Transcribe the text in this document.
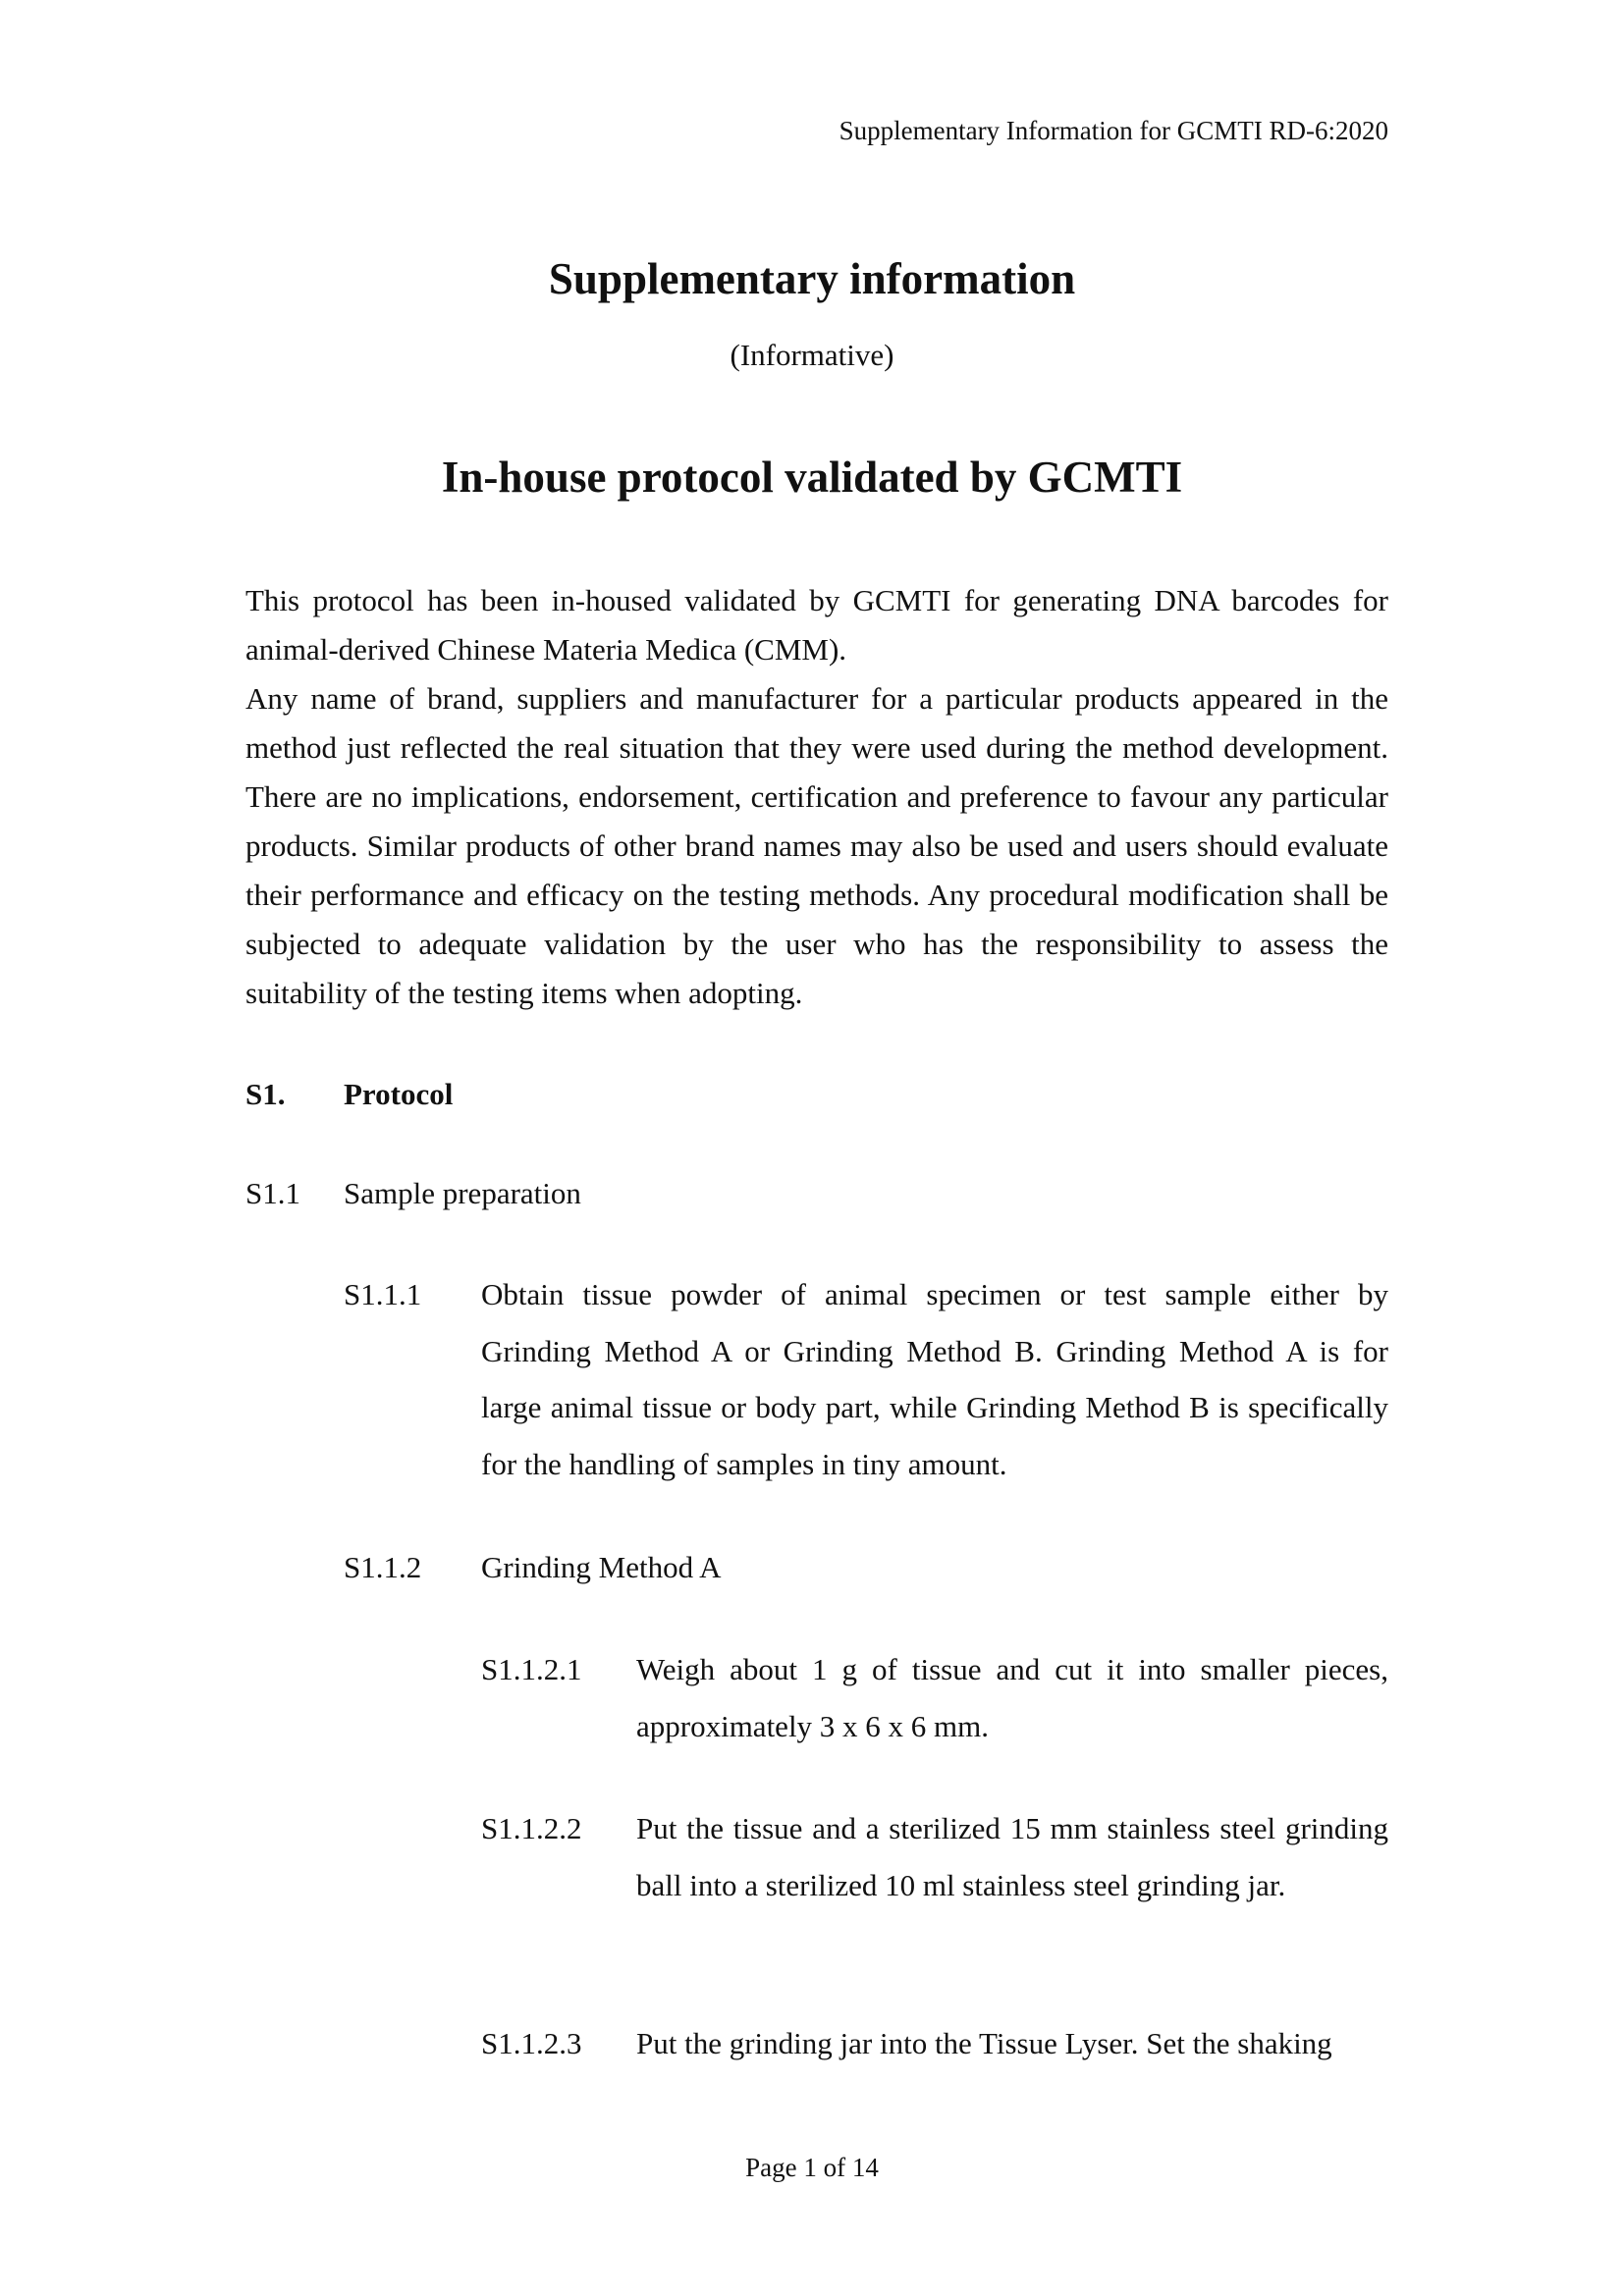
Supplementary Information for GCMTI RD-6:2020
Supplementary information
(Informative)
In-house protocol validated by GCMTI

This protocol has been in-housed validated by GCMTI for generating DNA barcodes for animal-derived Chinese Materia Medica (CMM).

Any name of brand, suppliers and manufacturer for a particular products appeared in the method just reflected the real situation that they were used during the method development. There are no implications, endorsement, certification and preference to favour any particular products. Similar products of other brand names may also be used and users should evaluate their performance and efficacy on the testing methods. Any procedural modification shall be subjected to adequate validation by the user who has the responsibility to assess the suitability of the testing items when adopting.

S1. Protocol
S1.1 Sample preparation
S1.1.1 Obtain tissue powder of animal specimen or test sample either by Grinding Method A or Grinding Method B. Grinding Method A is for large animal tissue or body part, while Grinding Method B is specifically for the handling of samples in tiny amount.
S1.1.2 Grinding Method A
S1.1.2.1 Weigh about 1 g of tissue and cut it into smaller pieces, approximately 3 x 6 x 6 mm.
S1.1.2.2 Put the tissue and a sterilized 15 mm stainless steel grinding ball into a sterilized 10 ml stainless steel grinding jar.
S1.1.2.3 Put the grinding jar into the Tissue Lyser. Set the shaking
Page 1 of 14
